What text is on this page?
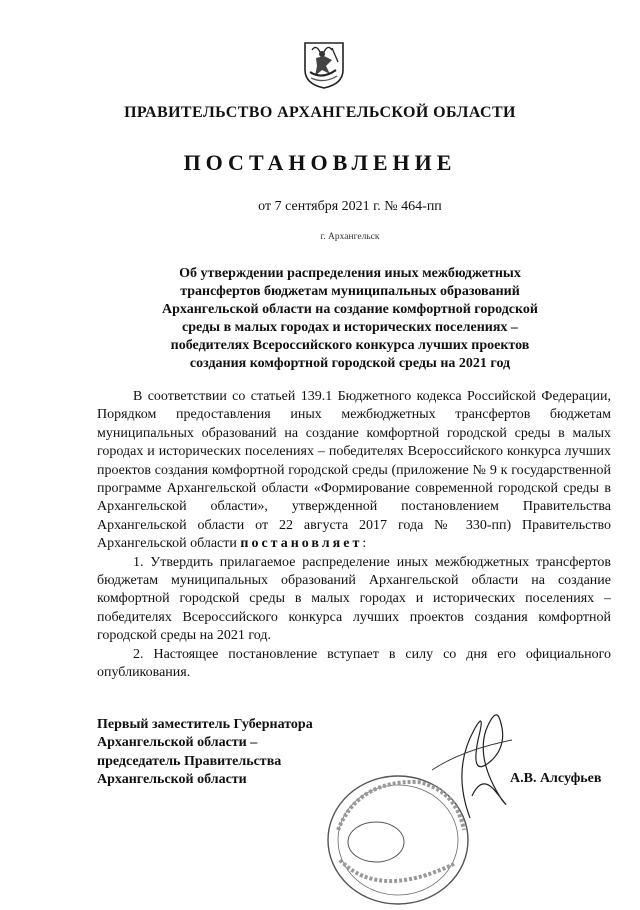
ПРАВИТЕЛЬСТВО АРХАНГЕЛЬСКОЙ ОБЛАСТИ
ПОСТАНОВЛЕНИЕ
от 7 сентября 2021 г. № 464-пп
г. Архангельск
Об утверждении распределения иных межбюджетных
трансфертов бюджетам муниципальных образований
Архангельской области на создание комфортной городской
среды в малых городах и исторических поселениях –
победителях Всероссийского конкурса лучших проектов
создания комфортной городской среды на 2021 год

В соответствии со статьей 139.1 Бюджетного кодекса Российской Федерации, Порядком предоставления иных межбюджетных трансфертов бюджетам муниципальных образований на создание комфортной городской среды в малых городах и исторических поселениях – победителях Всероссийского конкурса лучших проектов создания комфортной городской среды (приложение № 9 к государственной программе Архангельской области «Формирование современной городской среды в Архангельской области», утвержденной постановлением Правительства Архангельской области от 22 августа 2017 года № 330-пп) Правительство Архангельской области постановляет:

1. Утвердить прилагаемое распределение иных межбюджетных трансфертов бюджетам муниципальных образований Архангельской области на создание комфортной городской среды в малых городах и исторических поселениях – победителях Всероссийского конкурса лучших проектов создания комфортной городской среды на 2021 год.

2. Настоящее постановление вступает в силу со дня его официального опубликования.

Первый заместитель Губернатора
Архангельской области –
председатель Правительства
Архангельской области	А.В. Алсуфьев
